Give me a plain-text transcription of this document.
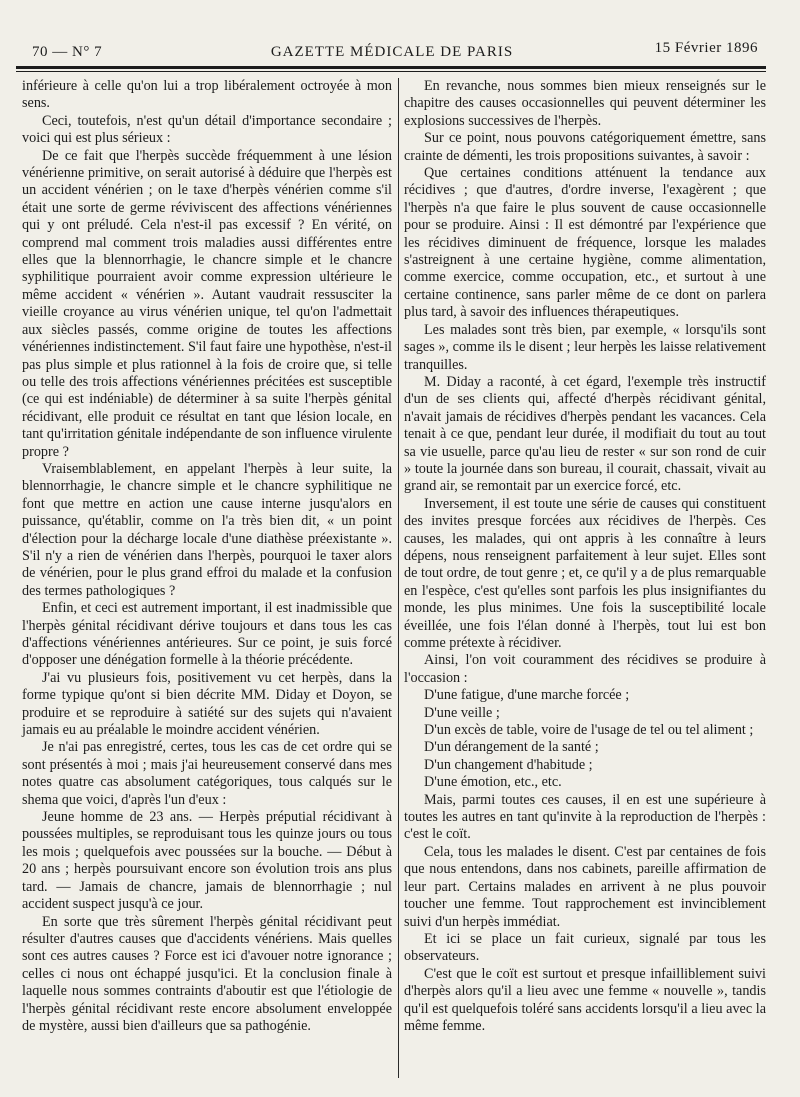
70 — N° 7	GAZETTE MÉDICALE DE PARIS	15 Février 1896

inférieure à celle qu'on lui a trop libéralement octroyée à mon sens.

Ceci, toutefois, n'est qu'un détail d'importance secondaire ; voici qui est plus sérieux :

De ce fait que l'herpès succède fréquemment à une lésion vénérienne primitive, on serait autorisé à déduire que l'herpès est un accident vénérien ; on le taxe d'herpès vénérien comme s'il était une sorte de germe réviviscent des affections vénériennes qui y ont préludé. Cela n'est-il pas excessif ? En vérité, on comprend mal comment trois maladies aussi différentes entre elles que la blennorrhagie, le chancre simple et le chancre syphilitique pourraient avoir comme expression ultérieure le même accident « vénérien ». Autant vaudrait ressusciter la vieille croyance au virus vénérien unique, tel qu'on l'admettait aux siècles passés, comme origine de toutes les affections vénériennes indistinctement. S'il faut faire une hypothèse, n'est-il pas plus simple et plus rationnel à la fois de croire que, si telle ou telle des trois affections vénériennes précitées est susceptible (ce qui est indéniable) de déterminer à sa suite l'herpès génital récidivant, elle produit ce résultat en tant que lésion locale, en tant qu'irritation génitale indépendante de son influence virulente propre ?

Vraisemblablement, en appelant l'herpès à leur suite, la blennorrhagie, le chancre simple et le chancre syphilitique ne font que mettre en action une cause interne jusqu'alors en puissance, qu'établir, comme on l'a très bien dit, « un point d'élection pour la décharge locale d'une diathèse préexistante ». S'il n'y a rien de vénérien dans l'herpès, pourquoi le taxer alors de vénérien, pour le plus grand effroi du malade et la confusion des termes pathologiques ?

Enfin, et ceci est autrement important, il est inadmissible que l'herpès génital récidivant dérive toujours et dans tous les cas d'affections vénériennes antérieures. Sur ce point, je suis forcé d'opposer une dénégation formelle à la théorie précédente.

J'ai vu plusieurs fois, positivement vu cet herpès, dans la forme typique qu'ont si bien décrite MM. Diday et Doyon, se produire et se reproduire à satiété sur des sujets qui n'avaient jamais eu au préalable le moindre accident vénérien.

Je n'ai pas enregistré, certes, tous les cas de cet ordre qui se sont présentés à moi ; mais j'ai heureusement conservé dans mes notes quatre cas absolument catégoriques, tous calqués sur le shema que voici, d'après l'un d'eux :

Jeune homme de 23 ans. — Herpès préputial récidivant à poussées multiples, se reproduisant tous les quinze jours ou tous les mois ; quelquefois avec poussées sur la bouche. — Début à 20 ans ; herpès poursuivant encore son évolution trois ans plus tard. — Jamais de chancre, jamais de blennorrhagie ; nul accident suspect jusqu'à ce jour.

En sorte que très sûrement l'herpès génital récidivant peut résulter d'autres causes que d'accidents vénériens. Mais quelles sont ces autres causes ? Force est ici d'avouer notre ignorance ; celles ci nous ont échappé jusqu'ici. Et la conclusion finale à laquelle nous sommes contraints d'aboutir est que l'étiologie de l'herpès génital récidivant reste encore absolument enveloppée de mystère, aussi bien d'ailleurs que sa pathogénie.

En revanche, nous sommes bien mieux renseignés sur le chapitre des causes occasionnelles qui peuvent déterminer les explosions successives de l'herpès.

Sur ce point, nous pouvons catégoriquement émettre, sans crainte de démenti, les trois propositions suivantes, à savoir :

Que certaines conditions atténuent la tendance aux récidives ; que d'autres, d'ordre inverse, l'exagèrent ; que l'herpès n'a que faire le plus souvent de cause occasionnelle pour se produire. Ainsi : Il est démontré par l'expérience que les récidives diminuent de fréquence, lorsque les malades s'astreignent à une certaine hygiène, comme alimentation, comme exercice, comme occupation, etc., et surtout à une certaine continence, sans parler même de ce dont on parlera plus tard, à savoir des influences thérapeutiques.

Les malades sont très bien, par exemple, « lorsqu'ils sont sages », comme ils le disent ; leur herpès les laisse relativement tranquilles.

M. Diday a raconté, à cet égard, l'exemple très instructif d'un de ses clients qui, affecté d'herpès récidivant génital, n'avait jamais de récidives d'herpès pendant les vacances. Cela tenait à ce que, pendant leur durée, il modifiait du tout au tout sa vie usuelle, parce qu'au lieu de rester « sur son rond de cuir » toute la journée dans son bureau, il courait, chassait, vivait au grand air, se remontait par un exercice forcé, etc.

Inversement, il est toute une série de causes qui constituent des invites presque forcées aux récidives de l'herpès. Ces causes, les malades, qui ont appris à les connaître à leurs dépens, nous renseignent parfaitement à leur sujet. Elles sont de tout ordre, de tout genre ; et, ce qu'il y a de plus remarquable en l'espèce, c'est qu'elles sont parfois les plus insignifiantes du monde, les plus minimes. Une fois la susceptibilité locale éveillée, une fois l'élan donné à l'herpès, tout lui est bon comme prétexte à récidiver.

Ainsi, l'on voit couramment des récidives se produire à l'occasion :

D'une fatigue, d'une marche forcée ;

D'une veille ;

D'un excès de table, voire de l'usage de tel ou tel aliment ;

D'un dérangement de la santé ;

D'un changement d'habitude ;

D'une émotion, etc., etc.

Mais, parmi toutes ces causes, il en est une supérieure à toutes les autres en tant qu'invite à la reproduction de l'herpès : c'est le coït.

Cela, tous les malades le disent. C'est par centaines de fois que nous entendons, dans nos cabinets, pareille affirmation de leur part. Certains malades en arrivent à ne plus pouvoir toucher une femme. Tout rapprochement est invinciblement suivi d'un herpès immédiat.

Et ici se place un fait curieux, signalé par tous les observateurs.

C'est que le coït est surtout et presque infailliblement suivi d'herpès alors qu'il a lieu avec une femme « nouvelle », tandis qu'il est quelquefois toléré sans accidents lorsqu'il a lieu avec la même femme.
